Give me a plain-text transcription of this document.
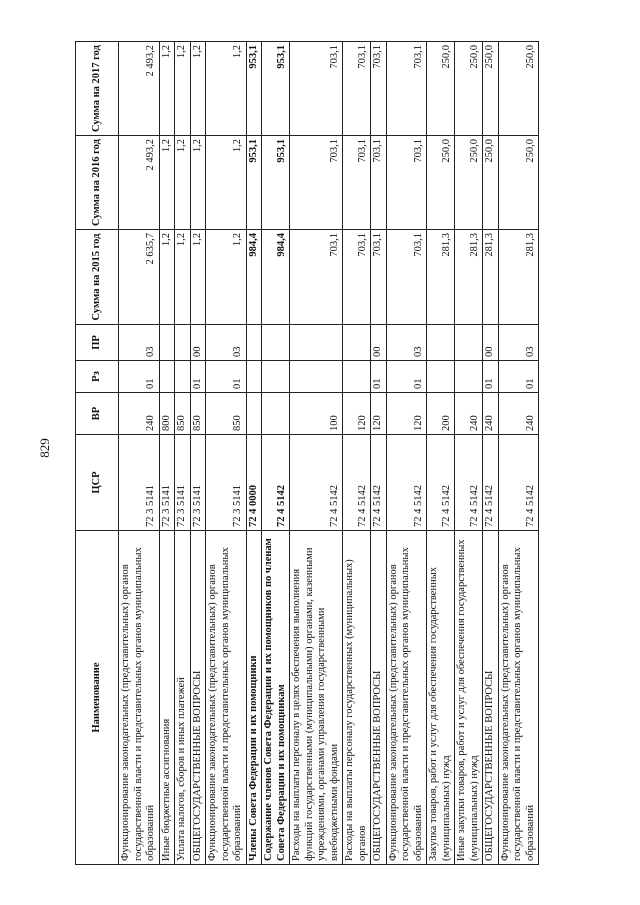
829
Наименование	ЦСР	ВР	Рз	ПР	Сумма на 2015 год	Сумма на 2016 год	Сумма на 2017 год
Функционирование законодательных (представительных) органов государственной власти и представительных органов муниципальных образований	72 3 5141	240	01	03	2 635,7	2 493,2	2 493,2
Иные бюджетные ассигнования	72 3 5141	800			1,2	1,2	1,2
Уплата налогов, сборов и иных платежей	72 3 5141	850			1,2	1,2	1,2
ОБЩЕГОСУДАРСТВЕННЫЕ ВОПРОСЫ	72 3 5141	850	01	00	1,2	1,2	1,2
Функционирование законодательных (представительных) органов государственной власти и представительных органов муниципальных образований	72 3 5141	850	01	03	1,2	1,2	1,2
Члены Совета Федерации и их помощники	72 4 0000				984,4	953,1	953,1
Содержание членов Совета Федерации и их помощников по членам Совета Федерации и их помощникам	72 4 5142				984,4	953,1	953,1
Расходы на выплаты персоналу в целях обеспечения выполнения функций государственными (муниципальными) органами, казенными учреждениями, органами управления государственными внебюджетными фондами	72 4 5142	100			703,1	703,1	703,1
Расходы на выплаты персоналу государственных (муниципальных) органов	72 4 5142	120			703,1	703,1	703,1
ОБЩЕГОСУДАРСТВЕННЫЕ ВОПРОСЫ	72 4 5142	120	01	00	703,1	703,1	703,1
Функционирование законодательных (представительных) органов государственной власти и представительных органов муниципальных образований	72 4 5142	120	01	03	703,1	703,1	703,1
Закупка товаров, работ и услуг для обеспечения государственных (муниципальных) нужд	72 4 5142	200			281,3	250,0	250,0
Иные закупки товаров, работ и услуг для обеспечения государственных (муниципальных) нужд	72 4 5142	240			281,3	250,0	250,0
ОБЩЕГОСУДАРСТВЕННЫЕ ВОПРОСЫ	72 4 5142	240	01	00	281,3	250,0	250,0
Функционирование законодательных (представительных) органов государственной власти и представительных органов муниципальных образований	72 4 5142	240	01	03	281,3	250,0	250,0
